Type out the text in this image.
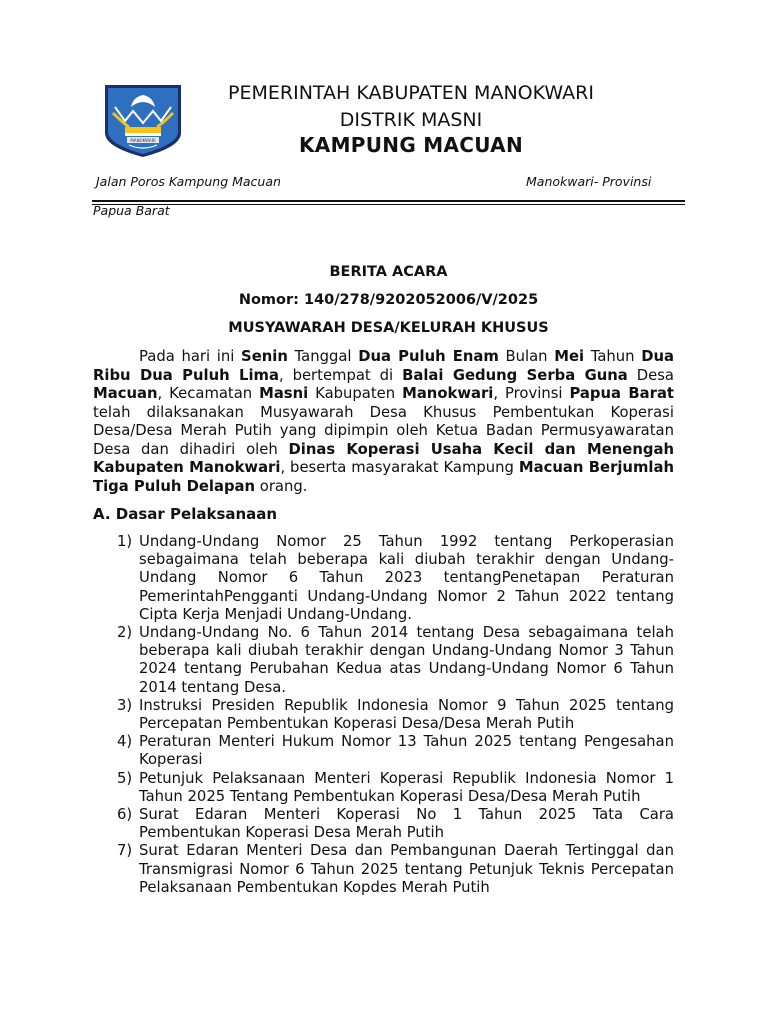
MANOKWARI
PEMERINTAH KABUPATEN MANOKWARI
DISTRIK MASNI
KAMPUNG MACUAN
Jalan Poros Kampung Macuan	Manokwari- Provinsi
Papua Barat
BERITA ACARA
Nomor: 140/278/9202052006/V/2025
MUSYAWARAH DESA/KELURAH KHUSUS

Pada hari ini Senin Tanggal Dua Puluh Enam Bulan Mei Tahun Dua Ribu Dua Puluh Lima, bertempat di Balai Gedung Serba Guna Desa Macuan, Kecamatan Masni Kabupaten Manokwari, Provinsi Papua Barat telah dilaksanakan Musyawarah Desa Khusus Pembentukan Koperasi Desa/Desa Merah Putih yang dipimpin oleh Ketua Badan Permusyawaratan Desa dan dihadiri oleh Dinas Koperasi Usaha Kecil dan Menengah Kabupaten Manokwari, beserta masyarakat Kampung Macuan Berjumlah Tiga Puluh Delapan orang.

A. Dasar Pelaksanaan
1) Undang-Undang Nomor 25 Tahun 1992 tentang Perkoperasian sebagaimana telah beberapa kali diubah terakhir dengan Undang-Undang Nomor 6 Tahun 2023 tentangPenetapan Peraturan PemerintahPengganti Undang-Undang Nomor 2 Tahun 2022 tentang Cipta Kerja Menjadi Undang-Undang.
2) Undang-Undang No. 6 Tahun 2014 tentang Desa sebagaimana telah beberapa kali diubah terakhir dengan Undang-Undang Nomor 3 Tahun 2024 tentang Perubahan Kedua atas Undang-Undang Nomor 6 Tahun 2014 tentang Desa.
3) Instruksi Presiden Republik Indonesia Nomor 9 Tahun 2025 tentang Percepatan Pembentukan Koperasi Desa/Desa Merah Putih
4) Peraturan Menteri Hukum Nomor 13 Tahun 2025 tentang Pengesahan Koperasi
5) Petunjuk Pelaksanaan Menteri Koperasi Republik Indonesia Nomor 1 Tahun 2025 Tentang Pembentukan Koperasi Desa/Desa Merah Putih
6) Surat Edaran Menteri Koperasi No 1 Tahun 2025 Tata Cara Pembentukan Koperasi Desa Merah Putih
7) Surat Edaran Menteri Desa dan Pembangunan Daerah Tertinggal dan Transmigrasi Nomor 6 Tahun 2025 tentang Petunjuk Teknis Percepatan Pelaksanaan Pembentukan Kopdes Merah Putih
